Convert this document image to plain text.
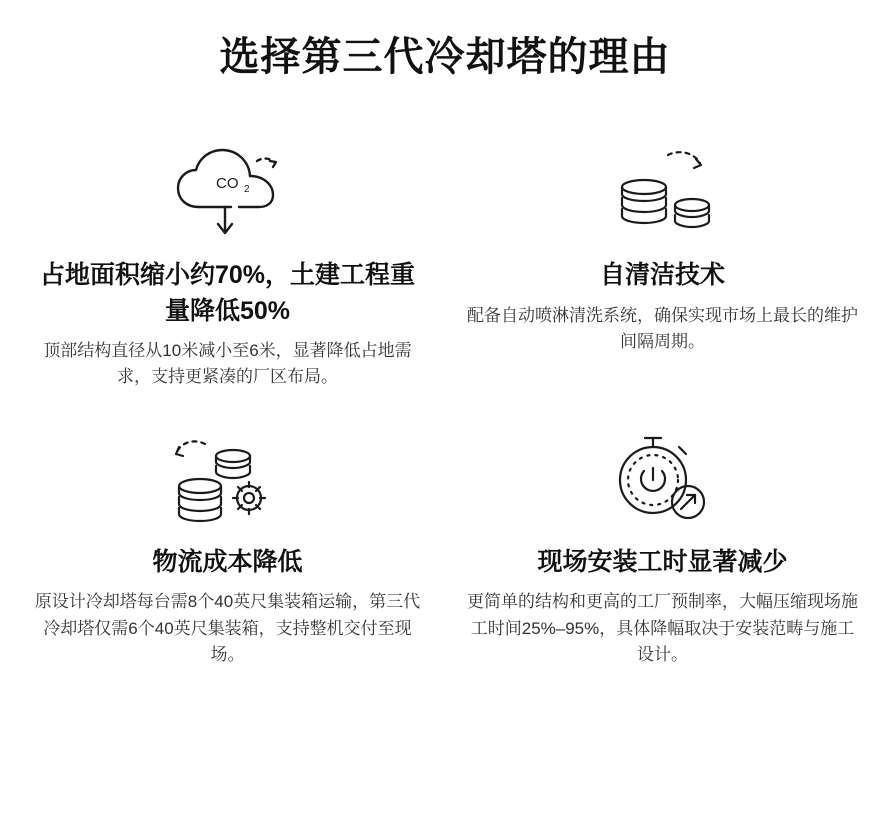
选择第三代冷却塔的理由
CO 2
占地面积缩小约70%，土建工程重量降低50%
顶部结构直径从10米减小至6米，显著降低占地需求，支持更紧凑的厂区布局。
自清洁技术
配备自动喷淋清洗系统，确保实现市场上最长的维护间隔周期。
物流成本降低
原设计冷却塔每台需8个40英尺集装箱运输，第三代冷却塔仅需6个40英尺集装箱，支持整机交付至现场。
现场安装工时显著减少
更简单的结构和更高的工厂预制率，大幅压缩现场施工时间25%–95%，具体降幅取决于安装范畴与施工设计。
